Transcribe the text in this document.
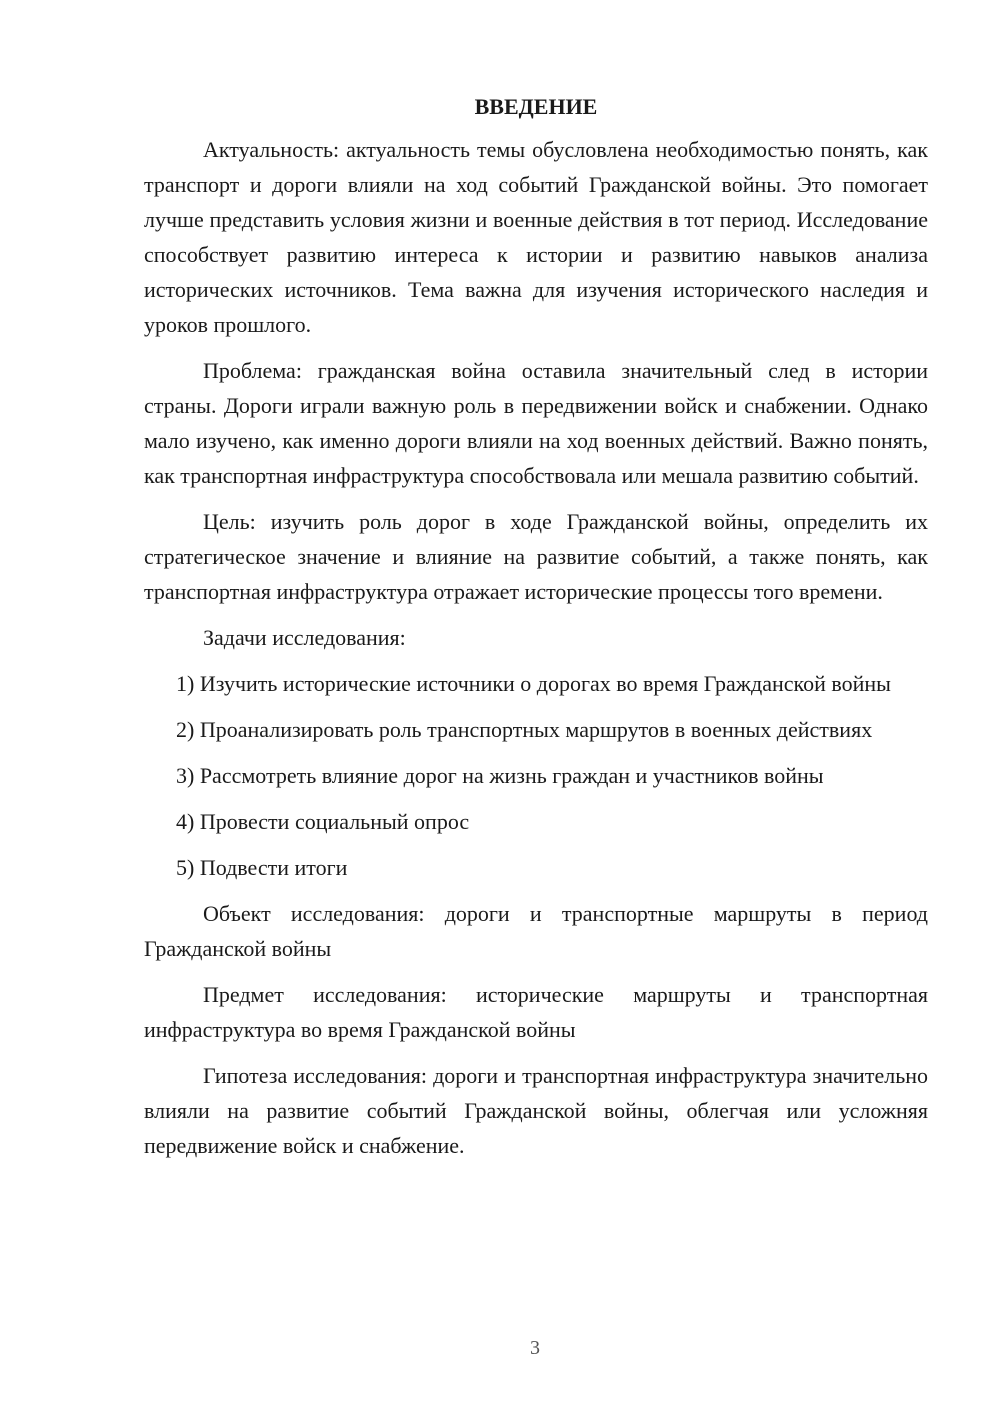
ВВЕДЕНИЕ

Актуальность: актуальность темы обусловлена необходимостью понять, как транспорт и дороги влияли на ход событий Гражданской войны. Это помогает лучше представить условия жизни и военные действия в тот период. Исследование способствует развитию интереса к истории и развитию навыков анализа исторических источников. Тема важна для изучения исторического наследия и уроков прошлого.

Проблема: гражданская война оставила значительный след в истории страны. Дороги играли важную роль в передвижении войск и снабжении. Однако мало изучено, как именно дороги влияли на ход военных действий. Важно понять, как транспортная инфраструктура способствовала или мешала развитию событий.

Цель: изучить роль дорог в ходе Гражданской войны, определить их стратегическое значение и влияние на развитие событий, а также понять, как транспортная инфраструктура отражает исторические процессы того времени.

Задачи исследования:

1) Изучить исторические источники о дорогах во время Гражданской войны

2) Проанализировать роль транспортных маршрутов в военных действиях

3) Рассмотреть влияние дорог на жизнь граждан и участников войны

4) Провести социальный опрос

5) Подвести итоги

Объект исследования: дороги и транспортные маршруты в период Гражданской войны

Предмет исследования: исторические маршруты и транспортная инфраструктура во время Гражданской войны

Гипотеза исследования: дороги и транспортная инфраструктура значительно влияли на развитие событий Гражданской войны, облегчая или усложняя передвижение войск и снабжение.

3
